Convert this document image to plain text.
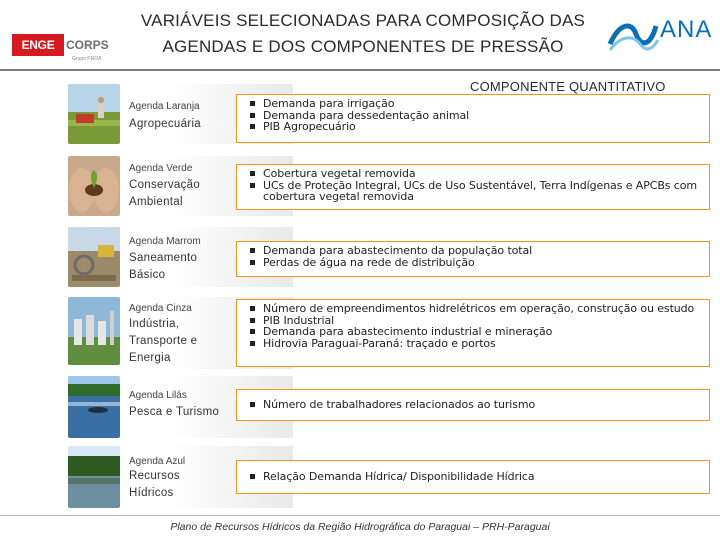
ENGE CORPS
Grupo PROA
VARIÁVEIS SELECIONADAS PARA COMPOSIÇÃO DAS
AGENDAS E DOS COMPONENTES DE PRESSÃO
ANA
COMPONENTE QUANTITATIVO
Agenda Laranja
Agropecuária
Demanda para irrigação
Demanda para dessedentação animal
PIB Agropecuário
Agenda Verde
Conservação
Ambiental
Cobertura vegetal removida
UCs de Proteção Integral, UCs de Uso Sustentável, Terra Indígenas e APCBs com cobertura vegetal removida
Agenda Marrom
Saneamento
Básico
Demanda para abastecimento da população total
Perdas de água na rede de distribuição
Agenda Cinza
Indústria,
Transporte e
Energia
Número de empreendimentos hidrelétricos em operação, construção ou estudo
PIB Industrial
Demanda para abastecimento industrial e mineração
Hidrovia Paraguai-Paraná: traçado e portos
Agenda Lilás
Pesca e Turismo
Número de trabalhadores relacionados ao turismo
Agenda Azul
Recursos
Hídricos
Relação Demanda Hídrica/ Disponibilidade Hídrica
Plano de Recursos Hídricos da Região Hidrográfica do Paraguai – PRH-Paraguai
